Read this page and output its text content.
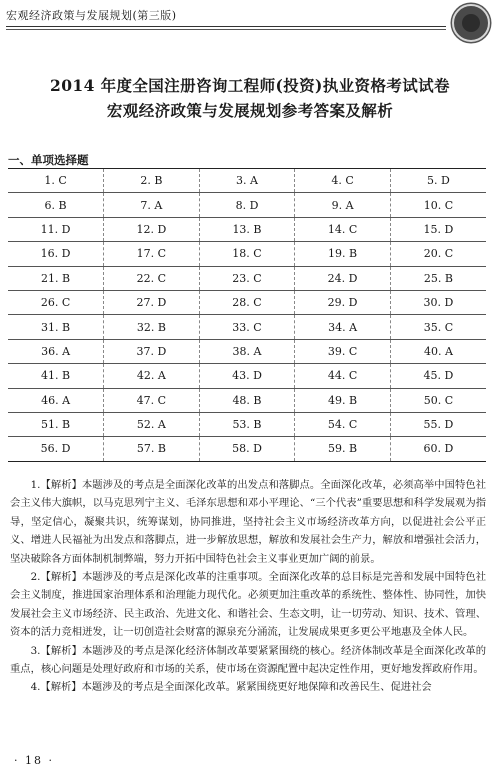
宏观经济政策与发展规划(第三版)
2014 年度全国注册咨询工程师(投资)执业资格考试试卷
宏观经济政策与发展规划参考答案及解析
一、单项选择题
1. C	2. B	3. A	4. C	5. D
6. B	7. A	8. D	9. A	10. C
11. D	12. D	13. B	14. C	15. D
16. D	17. C	18. C	19. B	20. C
21. B	22. C	23. C	24. D	25. B
26. C	27. D	28. C	29. D	30. D
31. B	32. B	33. C	34. A	35. C
36. A	37. D	38. A	39. C	40. A
41. B	42. A	43. D	44. C	45. D
46. A	47. C	48. B	49. B	50. C
51. B	52. A	53. B	54. C	55. D
56. D	57. B	58. D	59. B	60. D

1.【解析】本题涉及的考点是全面深化改革的出发点和落脚点。全面深化改革，必须高举中国特色社会主义伟大旗帜，以马克思列宁主义、毛泽东思想和邓小平理论、“三个代表”重要思想和科学发展观为指导，坚定信心，凝聚共识，统筹谋划，协同推进，坚持社会主义市场经济改革方向，以促进社会公平正义、增进人民福祉为出发点和落脚点，进一步解放思想，解放和发展社会生产力，解放和增强社会活力，坚决破除各方面体制机制弊端，努力开拓中国特色社会主义事业更加广阔的前景。

2.【解析】本题涉及的考点是深化改革的注重事项。全面深化改革的总目标是完善和发展中国特色社会主义制度，推进国家治理体系和治理能力现代化。必须更加注重改革的系统性、整体性、协同性，加快发展社会主义市场经济、民主政治、先进文化、和谐社会、生态文明，让一切劳动、知识、技术、管理、资本的活力竞相迸发，让一切创造社会财富的源泉充分涌流，让发展成果更多更公平地惠及全体人民。

3.【解析】本题涉及的考点是深化经济体制改革要紧紧围绕的核心。经济体制改革是全面深化改革的重点，核心问题是处理好政府和市场的关系，使市场在资源配置中起决定性作用，更好地发挥政府作用。

4.【解析】本题涉及的考点是全面深化改革。紧紧围绕更好地保障和改善民生、促进社会

· 18 ·
